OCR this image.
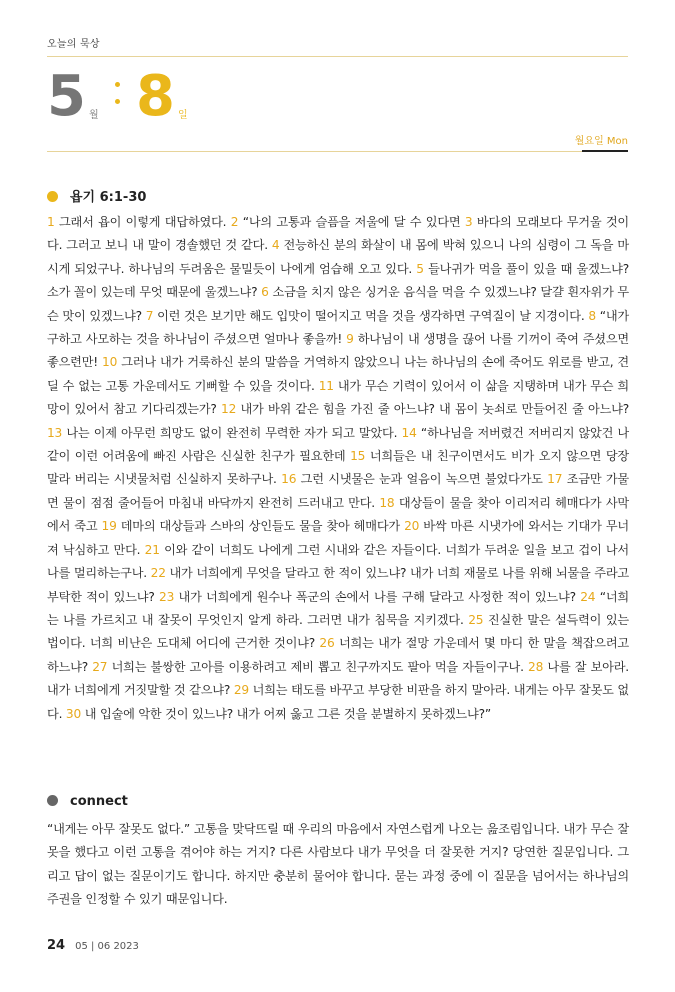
오늘의 묵상
5 월 8 일
월요일 Mon
욥기 6:1-30
1 그래서 욥이 이렇게 대답하였다. 2 “나의 고통과 슬픔을 저울에 달 수 있다면 3 바다의 모래보다 무거울 것이다. 그러고 보니 내 말이 경솔했던 것 같다. 4 전능하신 분의 화살이 내 몸에 박혀 있으니 나의 심령이 그 독을 마시게 되었구나. 하나님의 두려움은 물밀듯이 나에게 엄습해 오고 있다. 5 들나귀가 먹을 풀이 있을 때 울겠느냐? 소가 꼴이 있는데 무엇 때문에 울겠느냐? 6 소금을 치지 않은 싱거운 음식을 먹을 수 있겠느냐? 달걀 흰자위가 무슨 맛이 있겠느냐? 7 이런 것은 보기만 해도 입맛이 떨어지고 먹을 것을 생각하면 구역질이 날 지경이다. 8 “내가 구하고 사모하는 것을 하나님이 주셨으면 얼마나 좋을까! 9 하나님이 내 생명을 끊어 나를 기꺼이 죽여 주셨으면 좋으련만! 10 그러나 내가 거룩하신 분의 말씀을 거역하지 않았으니 나는 하나님의 손에 죽어도 위로를 받고, 견딜 수 없는 고통 가운데서도 기뻐할 수 있을 것이다. 11 내가 무슨 기력이 있어서 이 삶을 지탱하며 내가 무슨 희망이 있어서 참고 기다리겠는가? 12 내가 바위 같은 힘을 가진 줄 아느냐? 내 몸이 놋쇠로 만들어진 줄 아느냐? 13 나는 이제 아무런 희망도 없이 완전히 무력한 자가 되고 말았다. 14 “하나님을 저버렸건 저버리지 않았건 나같이 이런 어려움에 빠진 사람은 신실한 친구가 필요한데 15 너희들은 내 친구이면서도 비가 오지 않으면 당장 말라 버리는 시냇물처럼 신실하지 못하구나. 16 그런 시냇물은 눈과 얼음이 녹으면 불었다가도 17 조금만 가물면 물이 점점 줄어들어 마침내 바닥까지 완전히 드러내고 만다. 18 대상들이 물을 찾아 이리저리 헤매다가 사막에서 죽고 19 데마의 대상들과 스바의 상인들도 물을 찾아 헤매다가 20 바싹 마른 시냇가에 와서는 기대가 무너져 낙심하고 만다. 21 이와 같이 너희도 나에게 그런 시내와 같은 자들이다. 너희가 두려운 일을 보고 겁이 나서 나를 멀리하는구나. 22 내가 너희에게 무엇을 달라고 한 적이 있느냐? 내가 너희 재물로 나를 위해 뇌물을 주라고 부탁한 적이 있느냐? 23 내가 너희에게 원수나 폭군의 손에서 나를 구해 달라고 사정한 적이 있느냐? 24 “너희는 나를 가르치고 내 잘못이 무엇인지 알게 하라. 그러면 내가 침묵을 지키겠다. 25 진실한 말은 설득력이 있는 법이다. 너희 비난은 도대체 어디에 근거한 것이냐? 26 너희는 내가 절망 가운데서 몇 마디 한 말을 책잡으려고 하느냐? 27 너희는 불쌍한 고아를 이용하려고 제비 뽑고 친구까지도 팔아 먹을 자들이구나. 28 나를 잘 보아라. 내가 너희에게 거짓말할 것 같으냐? 29 너희는 태도를 바꾸고 부당한 비판을 하지 말아라. 내게는 아무 잘못도 없다. 30 내 입술에 악한 것이 있느냐? 내가 어찌 옳고 그른 것을 분별하지 못하겠느냐?”
connect
“내게는 아무 잘못도 없다.” 고통을 맞닥뜨릴 때 우리의 마음에서 자연스럽게 나오는 읊조림입니다. 내가 무슨 잘못을 했다고 이런 고통을 겪어야 하는 거지? 다른 사람보다 내가 무엇을 더 잘못한 거지? 당연한 질문입니다. 그리고 답이 없는 질문이기도 합니다. 하지만 충분히 물어야 합니다. 묻는 과정 중에 이 질문을 넘어서는 하나님의 주권을 인정할 수 있기 때문입니다.
24 05 | 06 2023
